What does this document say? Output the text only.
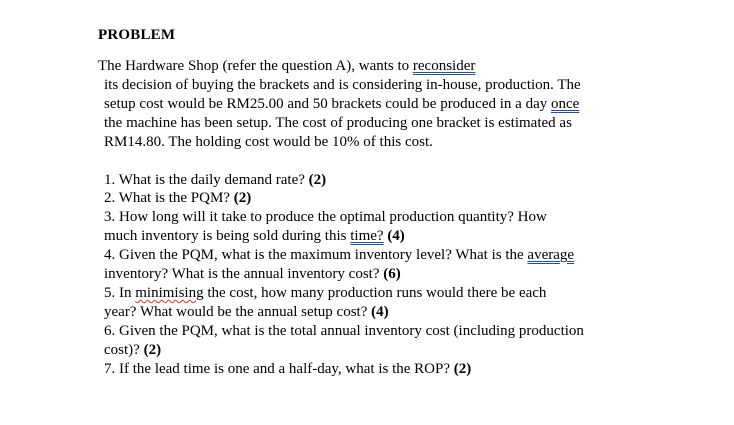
PROBLEM
The Hardware Shop (refer the question A), wants to reconsider
its decision of buying the brackets and is considering in-house, production. The
setup cost would be RM25.00 and 50 brackets could be produced in a day once
the machine has been setup. The cost of producing one bracket is estimated as
RM14.80. The holding cost would be 10% of this cost.
1. What is the daily demand rate? (2)
2. What is the PQM? (2)
3. How long will it take to produce the optimal production quantity? How
much inventory is being sold during this time? (4)
4. Given the PQM, what is the maximum inventory level? What is the average
inventory? What is the annual inventory cost? (6)
5. In minimising the cost, how many production runs would there be each
year? What would be the annual setup cost? (4)
6. Given the PQM, what is the total annual inventory cost (including production
cost)? (2)
7. If the lead time is one and a half-day, what is the ROP? (2)
